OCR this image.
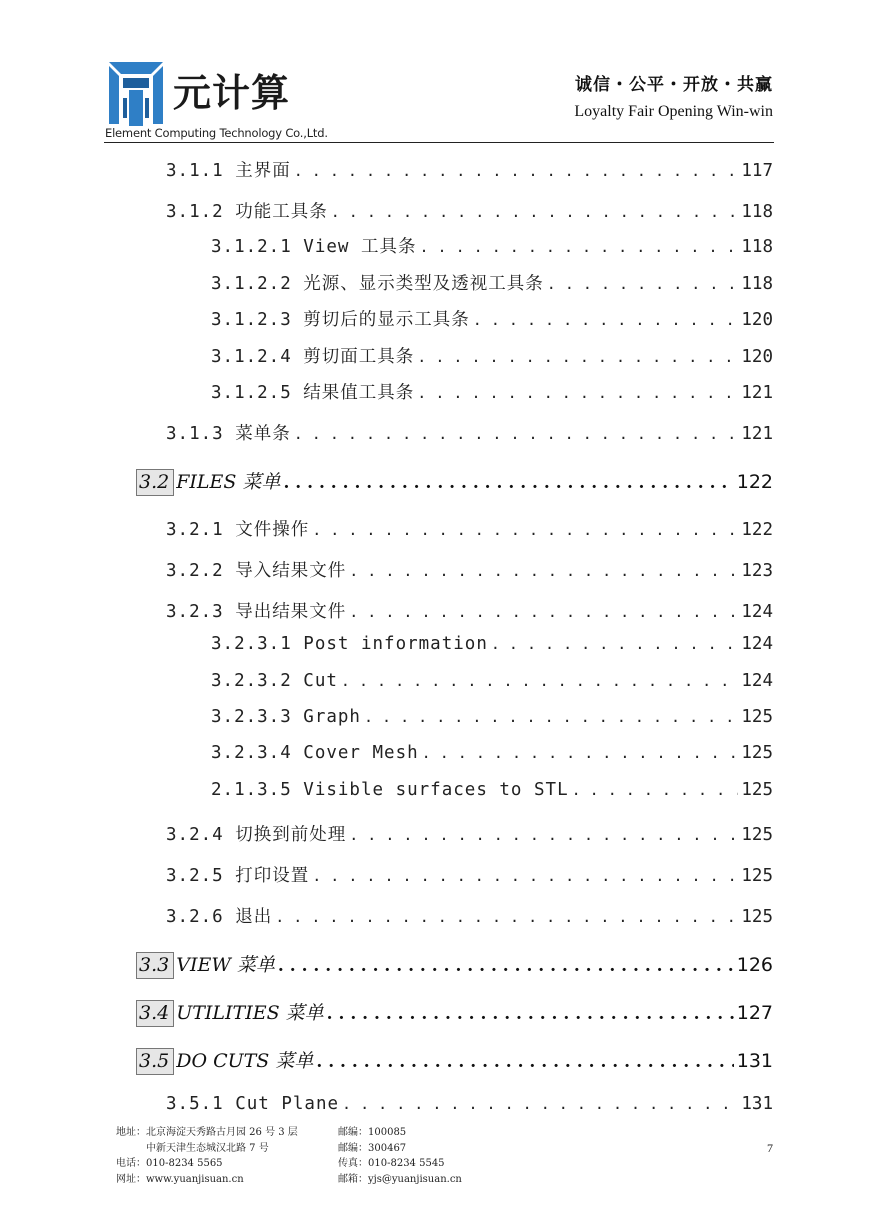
元计算
Element Computing Technology Co.,Ltd.
诚信・公平・开放・共赢
Loyalty Fair Opening Win-win
3.1.1 主界面 . . .	117
3.1.2 功能工具条 . . .	118
3.1.2.1 View 工具条 . . .	118
3.1.2.2 光源、显示类型及透视工具条 . . .	118
3.1.2.3 剪切后的显示工具条 . . .	120
3.1.2.4 剪切面工具条 . . .	120
3.1.2.5 结果值工具条 . . .	121
3.1.3 菜单条 . . .	121
3.2 FILES 菜单 . . .	122
3.2.1 文件操作 . . .	122
3.2.2 导入结果文件 . . .	123
3.2.3 导出结果文件 . . .	124
3.2.3.1 Post information . . .	124
3.2.3.2 Cut . . .	124
3.2.3.3 Graph . . .	125
3.2.3.4 Cover Mesh . . .	125
2.1.3.5 Visible surfaces to STL . . .	125
3.2.4 切换到前处理 . . .	125
3.2.5 打印设置 . . .	125
3.2.6 退出 . . .	125
3.3 VIEW 菜单 . . .	126
3.4 UTILITIES 菜单 . . .	127
3.5 DO CUTS 菜单 . . .	131
3.5.1 Cut Plane . . .	131
地址：北京海淀天秀路古月园 26 号 3 层	邮编：100085
　　　中新天津生态城汉北路 7 号	邮编：300467
电话：010-8234 5565	传真：010-8234 5545
网址：www.yuanjisuan.cn	邮箱：yjs@yuanjisuan.cn
7
